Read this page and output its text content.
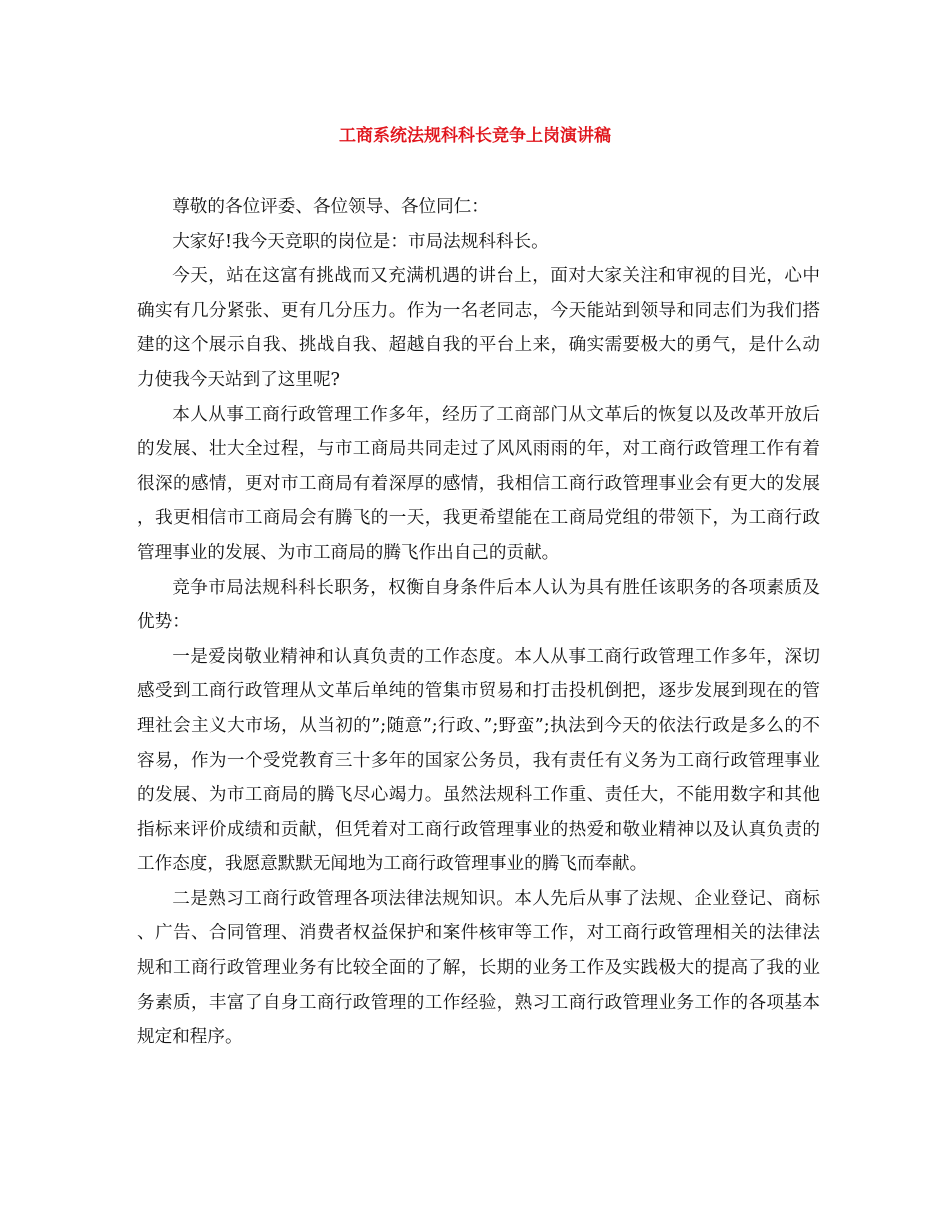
工商系统法规科科长竞争上岗演讲稿

尊敬的各位评委、各位领导、各位同仁：

大家好!我今天竞职的岗位是：市局法规科科长。

今天，站在这富有挑战而又充满机遇的讲台上，面对大家关注和审视的目光，心中确实有几分紧张、更有几分压力。作为一名老同志，今天能站到领导和同志们为我们搭建的这个展示自我、挑战自我、超越自我的平台上来，确实需要极大的勇气，是什么动力使我今天站到了这里呢?

本人从事工商行政管理工作多年，经历了工商部门从文革后的恢复以及改革开放后的发展、壮大全过程，与市工商局共同走过了风风雨雨的年，对工商行政管理工作有着很深的感情，更对市工商局有着深厚的感情，我相信工商行政管理事业会有更大的发展，我更相信市工商局会有腾飞的一天，我更希望能在工商局党组的带领下，为工商行政管理事业的发展、为市工商局的腾飞作出自己的贡献。

竞争市局法规科科长职务，权衡自身条件后本人认为具有胜任该职务的各项素质及优势：

一是爱岗敬业精神和认真负责的工作态度。本人从事工商行政管理工作多年，深切感受到工商行政管理从文革后单纯的管集市贸易和打击投机倒把，逐步发展到现在的管理社会主义大市场，从当初的”;随意”;行政、”;野蛮”;执法到今天的依法行政是多么的不容易，作为一个受党教育三十多年的国家公务员，我有责任有义务为工商行政管理事业的发展、为市工商局的腾飞尽心竭力。虽然法规科工作重、责任大，不能用数字和其他指标来评价成绩和贡献，但凭着对工商行政管理事业的热爱和敬业精神以及认真负责的工作态度，我愿意默默无闻地为工商行政管理事业的腾飞而奉献。

二是熟习工商行政管理各项法律法规知识。本人先后从事了法规、企业登记、商标、广告、合同管理、消费者权益保护和案件核审等工作，对工商行政管理相关的法律法规和工商行政管理业务有比较全面的了解，长期的业务工作及实践极大的提高了我的业务素质，丰富了自身工商行政管理的工作经验，熟习工商行政管理业务工作的各项基本规定和程序。
